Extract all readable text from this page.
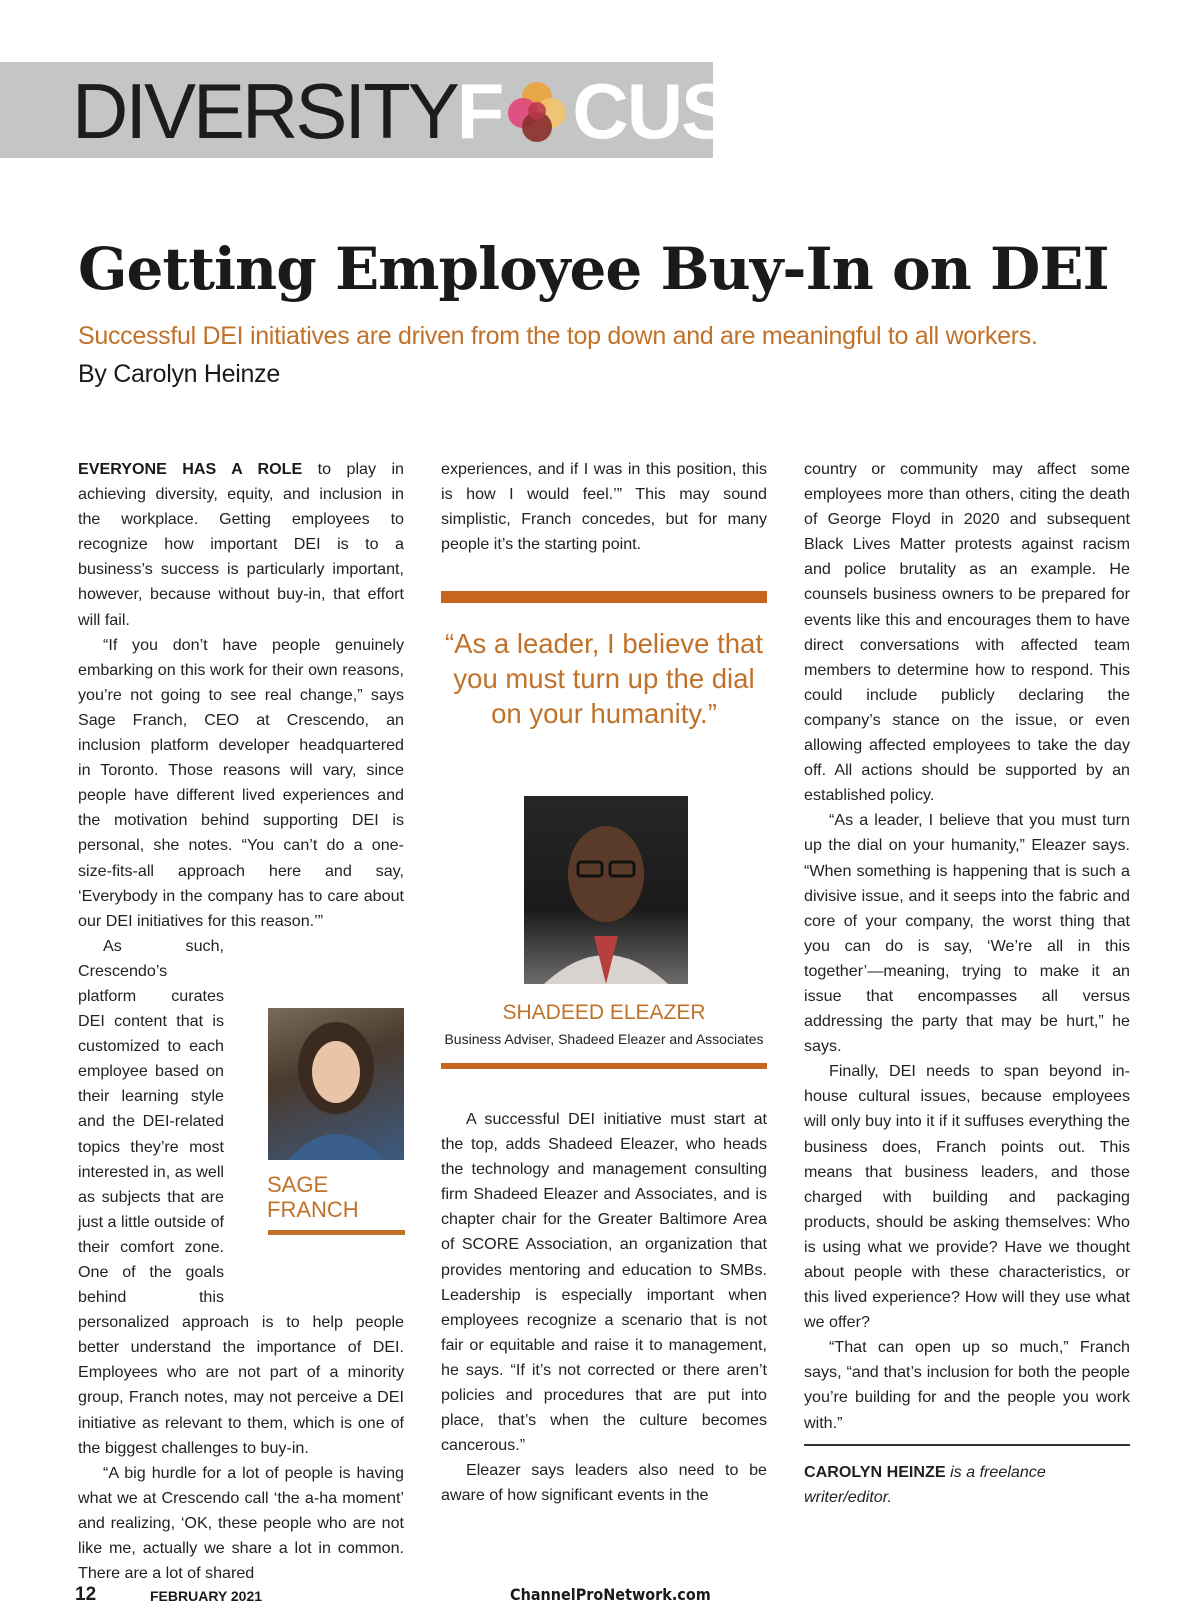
DIVERSITY F CUS
Getting Employee Buy-In on DEI
Successful DEI initiatives are driven from the top down and are meaningful to all workers.
By Carolyn Heinze

EVERYONE HAS A ROLE to play in achieving diversity, equity, and inclusion in the workplace. Getting employees to recognize how important DEI is to a business’s success is particularly important, however, because without buy-in, that effort will fail.

“If you don’t have people genuinely embarking on this work for their own reasons, you’re not going to see real change,” says Sage Franch, CEO at Crescendo, an inclusion platform developer headquartered in Toronto. Those reasons will vary, since people have different lived experiences and the motivation behind supporting DEI is personal, she notes. “You can’t do a one-size-fits-all approach here and say, ‘Everybody in the company has to care about our DEI initiatives for this reason.’”

As such, Crescendo’s platform curates DEI content that is customized to each employee based on their learning style and the DEI-related topics they’re most interested in, as well as subjects that are just a little outside of their comfort zone. One of the goals behind this personalized approach is to help people better understand the importance of DEI. Employees who are not part of a minority group, Franch notes, may not perceive a DEI initiative as relevant to them, which is one of the biggest challenges to buy-in.

“A big hurdle for a lot of people is having what we at Crescendo call ‘the a-ha moment’ and realizing, ‘OK, these people who are not like me, actually we share a lot in common. There are a lot of shared

SAGE FRANCH

experiences, and if I was in this position, this is how I would feel.’” This may sound simplistic, Franch concedes, but for many people it’s the starting point.

“As a leader, I believe that you must turn up the dial on your humanity.”
SHADEED ELEAZER
Business Adviser, Shadeed Eleazer and Associates

A successful DEI initiative must start at the top, adds Shadeed Eleazer, who heads the technology and management consulting firm Shadeed Eleazer and Associates, and is chapter chair for the Greater Baltimore Area of SCORE Association, an organization that provides mentoring and education to SMBs. Leadership is especially important when employees recognize a scenario that is not fair or equitable and raise it to management, he says. “If it’s not corrected or there aren’t policies and procedures that are put into place, that’s when the culture becomes cancerous.”

Eleazer says leaders also need to be aware of how significant events in the

country or community may affect some employees more than others, citing the death of George Floyd in 2020 and subsequent Black Lives Matter protests against racism and police brutality as an example. He counsels business owners to be prepared for events like this and encourages them to have direct conversations with affected team members to determine how to respond. This could include publicly declaring the company’s stance on the issue, or even allowing affected employees to take the day off. All actions should be supported by an established policy.

“As a leader, I believe that you must turn up the dial on your humanity,” Eleazer says. “When something is happening that is such a divisive issue, and it seeps into the fabric and core of your company, the worst thing that you can do is say, ‘We’re all in this together’—meaning, trying to make it an issue that encompasses all versus addressing the party that may be hurt,” he says.

Finally, DEI needs to span beyond in-house cultural issues, because employees will only buy into it if it suffuses everything the business does, Franch points out. This means that business leaders, and those charged with building and packaging products, should be asking themselves: Who is using what we provide? Have we thought about people with these characteristics, or this lived experience? How will they use what we offer?

“That can open up so much,” Franch says, “and that’s inclusion for both the people you’re building for and the people you work with.”

CAROLYN HEINZE is a freelance writer/editor.
12	FEBRUARY 2021	ChannelProNetwork.com
